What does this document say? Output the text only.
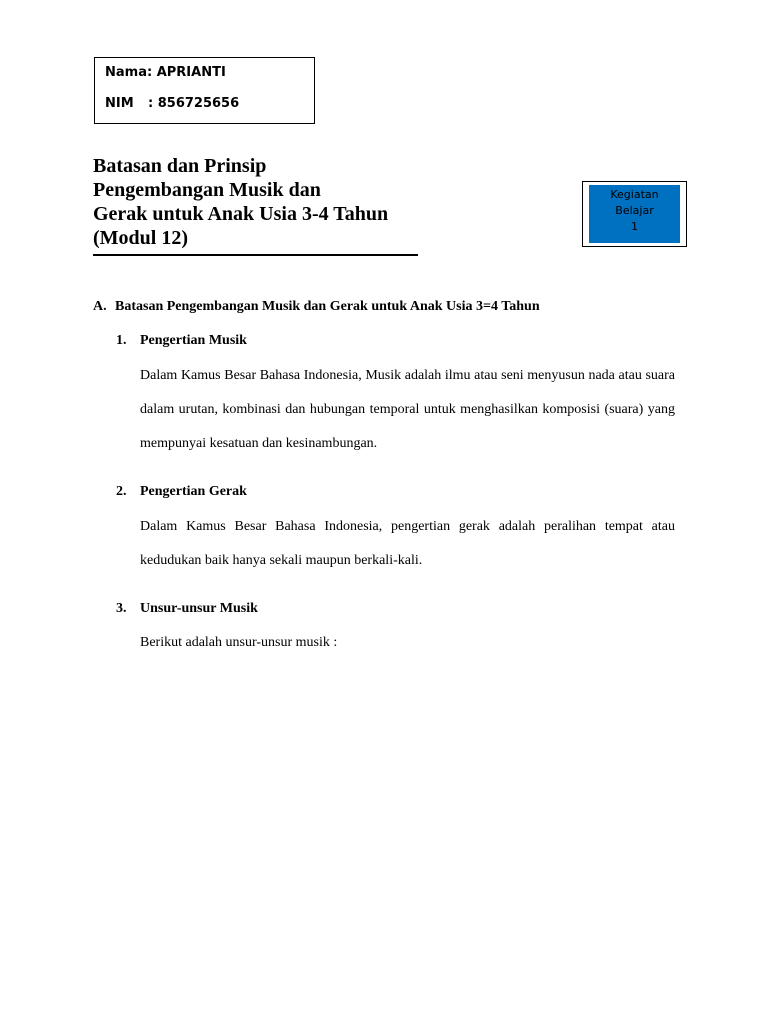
Nama: APRIANTI
NIM : 856725656
Batasan dan Prinsip
Pengembangan Musik dan
Gerak untuk Anak Usia 3-4 Tahun
(Modul 12)
Kegiatan
Belajar
1
A. Batasan Pengembangan Musik dan Gerak untuk Anak Usia 3=4 Tahun
1. Pengertian Musik

Dalam Kamus Besar Bahasa Indonesia, Musik adalah ilmu atau seni menyusun nada atau suara dalam urutan, kombinasi dan hubungan temporal untuk menghasilkan komposisi (suara) yang mempunyai kesatuan dan kesinambungan.

2. Pengertian Gerak

Dalam Kamus Besar Bahasa Indonesia, pengertian gerak adalah peralihan tempat atau kedudukan baik hanya sekali maupun berkali-kali.

3. Unsur-unsur Musik

Berikut adalah unsur-unsur musik :
